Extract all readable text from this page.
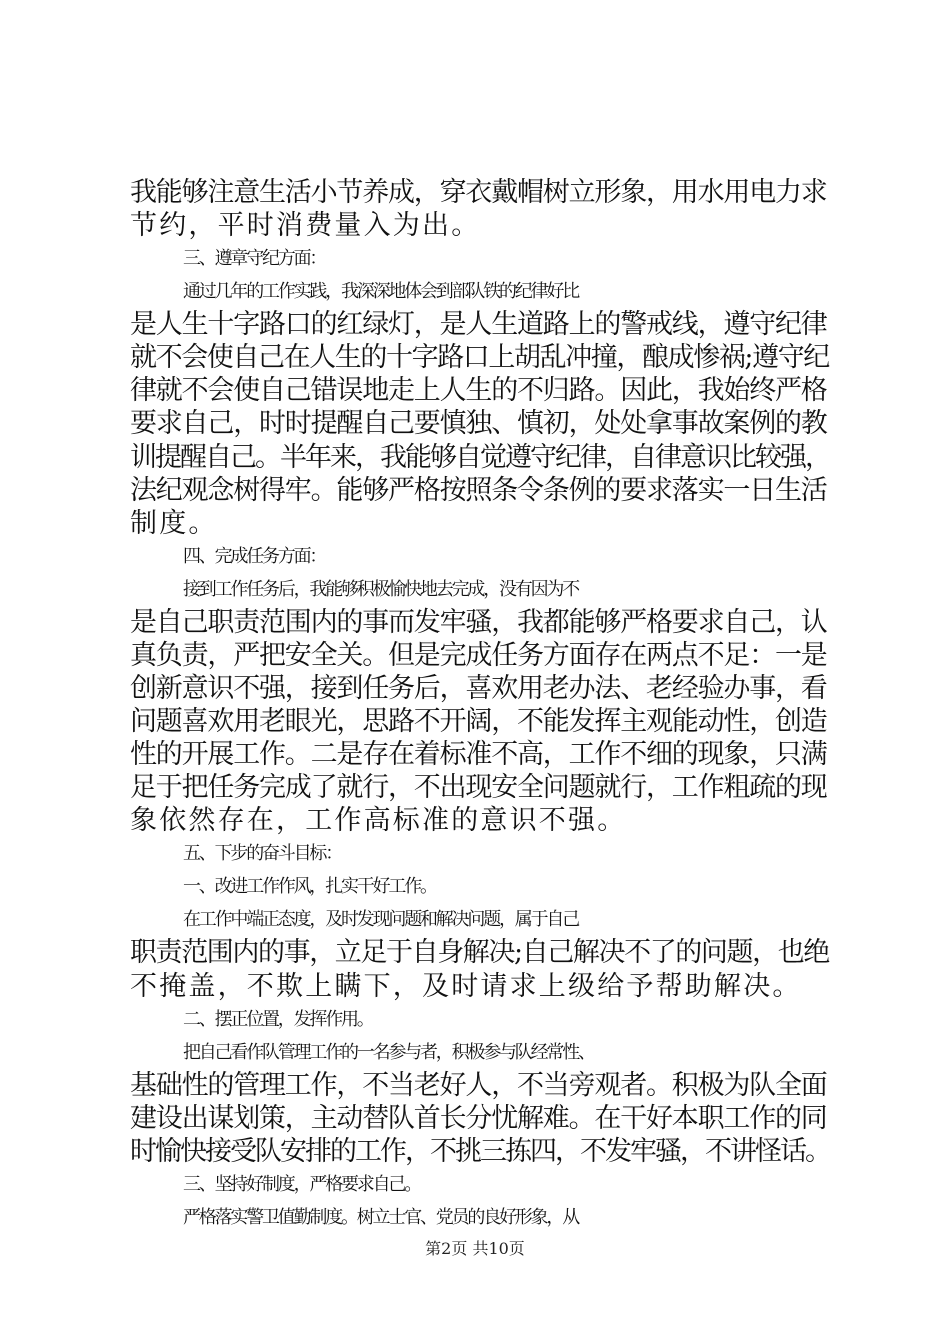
我能够注意生活小节养成，穿衣戴帽树立形象，用水用电力求
节约，平时消费量入为出。
三、遵章守纪方面：
通过几年的工作实践，我深深地体会到部队铁的纪律好比
是人生十字路口的红绿灯，是人生道路上的警戒线，遵守纪律
就不会使自己在人生的十字路口上胡乱冲撞，酿成惨祸;遵守纪
律就不会使自己错误地走上人生的不归路。因此，我始终严格
要求自己，时时提醒自己要慎独、慎初，处处拿事故案例的教
训提醒自己。半年来，我能够自觉遵守纪律，自律意识比较强，
法纪观念树得牢。能够严格按照条令条例的要求落实一日生活
制度。
四、完成任务方面：
接到工作任务后，我能够积极愉快地去完成，没有因为不
是自己职责范围内的事而发牢骚，我都能够严格要求自己，认
真负责，严把安全关。但是完成任务方面存在两点不足：一是
创新意识不强，接到任务后，喜欢用老办法、老经验办事，看
问题喜欢用老眼光，思路不开阔，不能发挥主观能动性，创造
性的开展工作。二是存在着标准不高，工作不细的现象，只满
足于把任务完成了就行，不出现安全问题就行，工作粗疏的现
象依然存在，工作高标准的意识不强。
五、下步的奋斗目标：
一、改进工作作风，扎实干好工作。
在工作中端正态度，及时发现问题和解决问题，属于自己
职责范围内的事，立足于自身解决;自己解决不了的问题，也绝
不掩盖，不欺上瞒下，及时请求上级给予帮助解决。
二、摆正位置，发挥作用。
把自己看作队管理工作的一名参与者，积极参与队经常性、
基础性的管理工作，不当老好人，不当旁观者。积极为队全面
建设出谋划策，主动替队首长分忧解难。在干好本职工作的同
时愉快接受队安排的工作，不挑三拣四，不发牢骚，不讲怪话。
三、坚持好制度，严格要求自己。
严格落实警卫值勤制度。树立士官、党员的良好形象，从
第2页 共10页
